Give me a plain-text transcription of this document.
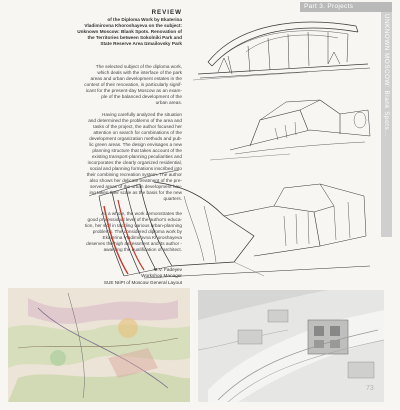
Part 3. Projects
UNKNOWN MOSCOW: Blank Spots...
REVIEW
of the Diploma Work by Ekaterina
Vladimirovna Khoroshayeva on the subject:
Unknown Moscow: Blank Spots. Renovation of
the Territories between Sokolniki Park and
State Reserve Area Izmailovsky Park
The selected subject of the diploma work,
which deals with the interface of the park
areas and urban development estates in the
context of their renovation, is particularly signif-
icant for the present-day Moscow as an exam-
ple of the balanced development of the
urban areas.
Having carefully analyzed the situation
and determined the problems of the area and
tasks of the project, the author focused her
attention on search for combinations of the
development organization methods and pub-
lic green areas. The design envisages a new
planning structure that takes account of the
existing transport-planning peculiarities and
incorporates the clearly organized residential,
social and planning formations inscribed into
their combining recreation system. The author
also shows her delicate treatment of the pre-
served areas of the urban development hav-
ing taken their scale as the basis for the new
quarters.
As a whole, the work demonstrates the
good professional level of the author's educa-
tion, her skill in tackling various urban-planning
problems. The considered diploma work by
Ekaterina Vladimirovna Khoroshayeva
deserves the high assessment and its author -
awarding the qualification of architect.
M.V. Fadeyev
Workshop Manager
SUE NIiPI of Moscow General Layout
73
